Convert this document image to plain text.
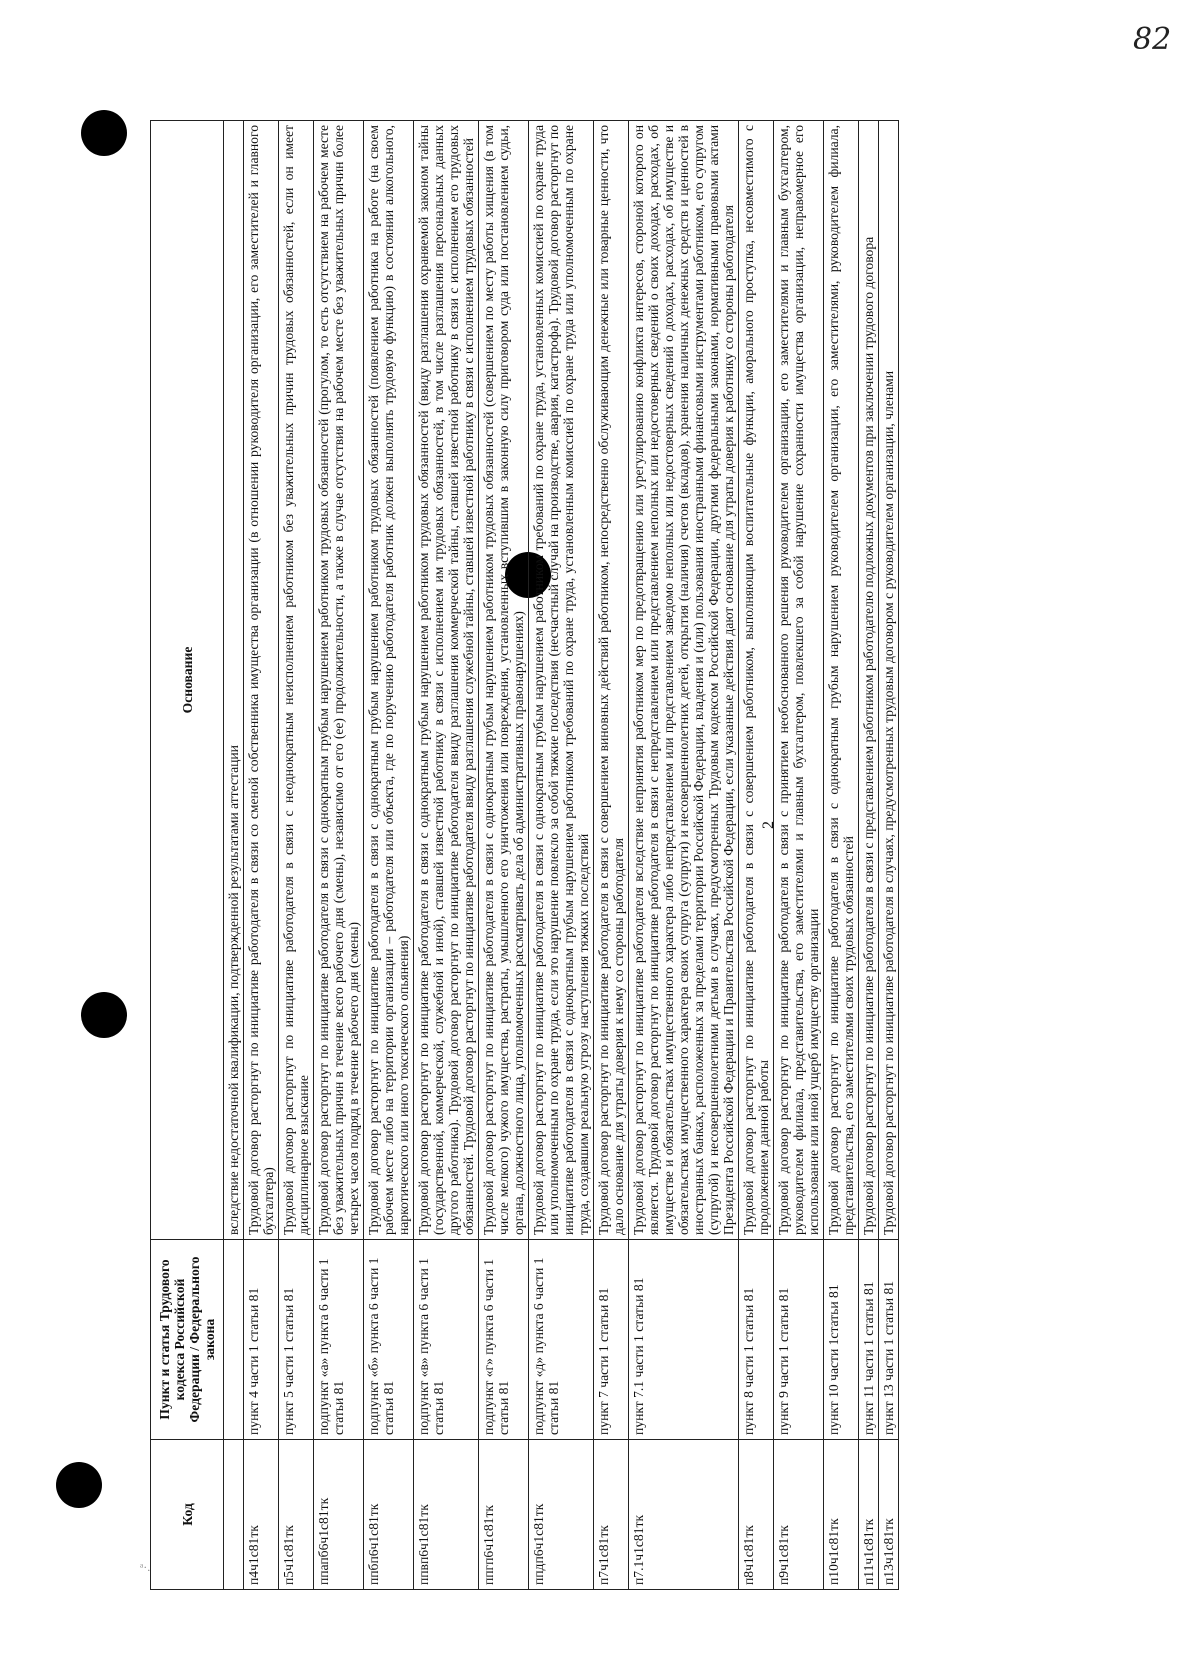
82
2
ᵃ·.
Код	Пункт и статья Трудового кодекса Российской Федерации / Федерального закона	Основание
		вследствие недостаточной квалификации, подтвержденной результатами аттестации
п4ч1с81тк	пункт 4 части 1 статьи 81	Трудовой договор расторгнут по инициативе работодателя в связи со сменой собственника имущества организации (в отношении руководителя организации, его заместителей и главного бухгалтера)
п5ч1с81тк	пункт 5 части 1 статьи 81	Трудовой договор расторгнут по инициативе работодателя в связи с неоднократным неисполнением работником без уважительных причин трудовых обязанностей, если он имеет дисциплинарное взыскание
ппапб6ч1с81тк	подпункт «а» пункта 6 части 1 статьи 81	Трудовой договор расторгнут по инициативе работодателя в связи с однократным грубым нарушением работником трудовых обязанностей (прогулом, то есть отсутствием на рабочем месте без уважительных причин в течение всего рабочего дня (смены), независимо от его (ее) продолжительности, а также в случае отсутствия на рабочем месте без уважительных причин более четырех часов подряд в течение рабочего дня (смены)
ппбп6ч1с81тк	подпункт «б» пункта 6 части 1 статьи 81	Трудовой договор расторгнут по инициативе работодателя в связи с однократным грубым нарушением работником трудовых обязанностей (появлением работника на работе (на своем рабочем месте либо на территории организации – работодателя или объекта, где по поручению работодателя работник должен выполнять трудовую функцию) в состоянии алкогольного, наркотического или иного токсического опьянения)
ппвп6ч1с81тк	подпункт «в» пункта 6 части 1 статьи 81	Трудовой договор расторгнут по инициативе работодателя в связи с однократным грубым нарушением работником трудовых обязанностей (ввиду разглашения охраняемой законом тайны (государственной, коммерческой, служебной и иной), ставшей известной работнику в связи с исполнением им трудовых обязанностей, в том числе разглашения персональных данных другого работника). Трудовой договор расторгнут по инициативе работодателя ввиду разглашения коммерческой тайны, ставшей известной работнику в связи с исполнением его трудовых обязанностей. Трудовой договор расторгнут по инициативе работодателя ввиду разглашения служебной тайны, ставшей известной работнику в связи с исполнением трудовых обязанностей
ппгп6ч1с81тк	подпункт «г» пункта 6 части 1 статьи 81	Трудовой договор расторгнут по инициативе работодателя в связи с однократным грубым нарушением работником трудовых обязанностей (совершением по месту работы хищения (в том числе мелкого) чужого имущества, растраты, умышленного его уничтожения или повреждения, установленных вступившим в законную силу приговором суда или постановлением судьи, органа, должностного лица, уполномоченных рассматривать дела об административных правонарушениях)
ппдп6ч1с81тк	подпункт «д» пункта 6 части 1 статьи 81	Трудовой договор расторгнут по инициативе работодателя в связи с однократным грубым нарушением работником требований по охране труда, установленных комиссией по охране труда или уполномоченным по охране труда, если это нарушение повлекло за собой тяжкие последствия (несчастный случай на производстве, авария, катастрофа). Трудовой договор расторгнут по инициативе работодателя в связи с однократным грубым нарушением работником требований по охране труда, установленным комиссией по охране труда или уполномоченным по охране труда, создавшим реальную угрозу наступления тяжких последствий
п7ч1с81тк	пункт 7 части 1 статьи 81	Трудовой договор расторгнут по инициативе работодателя в связи с совершением виновных действий работником, непосредственно обслуживающим денежные или товарные ценности, что дало основание для утраты доверия к нему со стороны работодателя
п7.1ч1с81тк	пункт 7.1 части 1 статьи 81	Трудовой договор расторгнут по инициативе работодателя вследствие непринятия работником мер по предотвращению или урегулированию конфликта интересов, стороной которого он является. Трудовой договор расторгнут по инициативе работодателя в связи с непредставлением или представлением неполных или недостоверных сведений о своих доходах, расходах, об имуществе и обязательствах имущественного характера либо непредставлением или представлением заведомо неполных или недостоверных сведений о доходах, расходах, об имуществе и обязательствах имущественного характера своих супруга (супруги) и несовершеннолетних детей, открытия (наличия) счетов (вкладов), хранения наличных денежных средств и ценностей в иностранных банках, расположенных за пределами территории Российской Федерации, владения и (или) пользования иностранными финансовыми инструментами работником, его супругом (супругой) и несовершеннолетними детьми в случаях, предусмотренных Трудовым кодексом Российской Федерации, другими федеральными законами, нормативными правовыми актами Президента Российской Федерации и Правительства Российской Федерации, если указанные действия дают основание для утраты доверия к работнику со стороны работодателя
п8ч1с81тк	пункт 8 части 1 статьи 81	Трудовой договор расторгнут по инициативе работодателя в связи с совершением работником, выполняющим воспитательные функции, аморального проступка, несовместимого с продолжением данной работы
п9ч1с81тк	пункт 9 части 1 статьи 81	Трудовой договор расторгнут по инициативе работодателя в связи с принятием необоснованного решения руководителем организации, его заместителями и главным бухгалтером, руководителем филиала, представительства, его заместителями и главным бухгалтером, повлекшего за собой нарушение сохранности имущества организации, неправомерное его использование или иной ущерб имуществу организации
п10ч1с81тк	пункт 10 части 1статьи 81	Трудовой договор расторгнут по инициативе работодателя в связи с однократным грубым нарушением руководителем организации, его заместителями, руководителем филиала, представительства, его заместителями своих трудовых обязанностей
п11ч1с81тк	пункт 11 части 1 статьи 81	Трудовой договор расторгнут по инициативе работодателя в связи с представлением работником работодателю подложных документов при заключении трудового договора
п13ч1с81тк	пункт 13 части 1 статьи 81	Трудовой договор расторгнут по инициативе работодателя в случаях, предусмотренных трудовым договором с руководителем организации, членами
